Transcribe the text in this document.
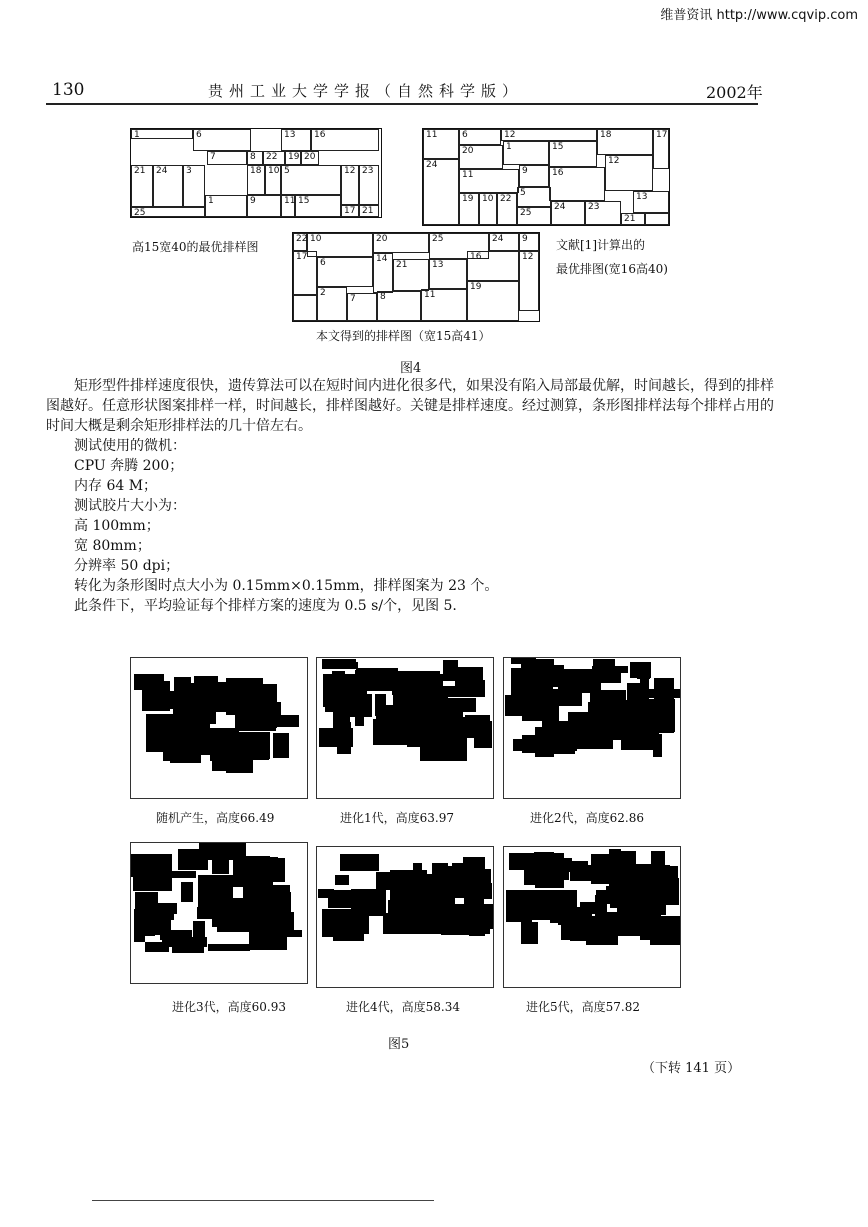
维普资讯 http://www.cqvip.com
130	贵州工业大学学报（自然科学版）	2002年
1	6	13	16
7	8	22	19 20
21	24	3	5
18 10	12 23
25
1	9	11 15
17 21
高15宽40的最优排样图
11	6	12	18	17
20	1	15
24
11	9	16
12
13
19 10 22
5
25
24	23
21
文献[1]计算出的
最优排图(宽16高40)
22 10	20	25	24	9
17
6	14
21	13
16	12
2
7	8	11
19
本文得到的排样图（宽15高41）
图4

矩形型件排样速度很快，遗传算法可以在短时间内进化很多代，如果没有陷入局部最优解，时间越长，得到的排样图越好。任意形状图案排样一样，时间越长，排样图越好。关键是排样速度。经过测算，条形图排样法每个排样占用的时间大概是剩余矩形排样法的几十倍左右。

测试使用的微机：

CPU 奔腾 200；

内存 64 M；

测试胶片大小为：

高 100mm；

宽 80mm；

分辨率 50 dpi；

转化为条形图时点大小为 0.15mm×0.15mm，排样图案为 23 个。

此条件下，平均验证每个排样方案的速度为 0.5 s/个，见图 5.

随机产生，高度66.49	进化1代，高度63.97	进化2代，高度62.86
进化3代，高度60.93	进化4代，高度58.34	进化5代，高度57.82
图5
（下转 141 页）
